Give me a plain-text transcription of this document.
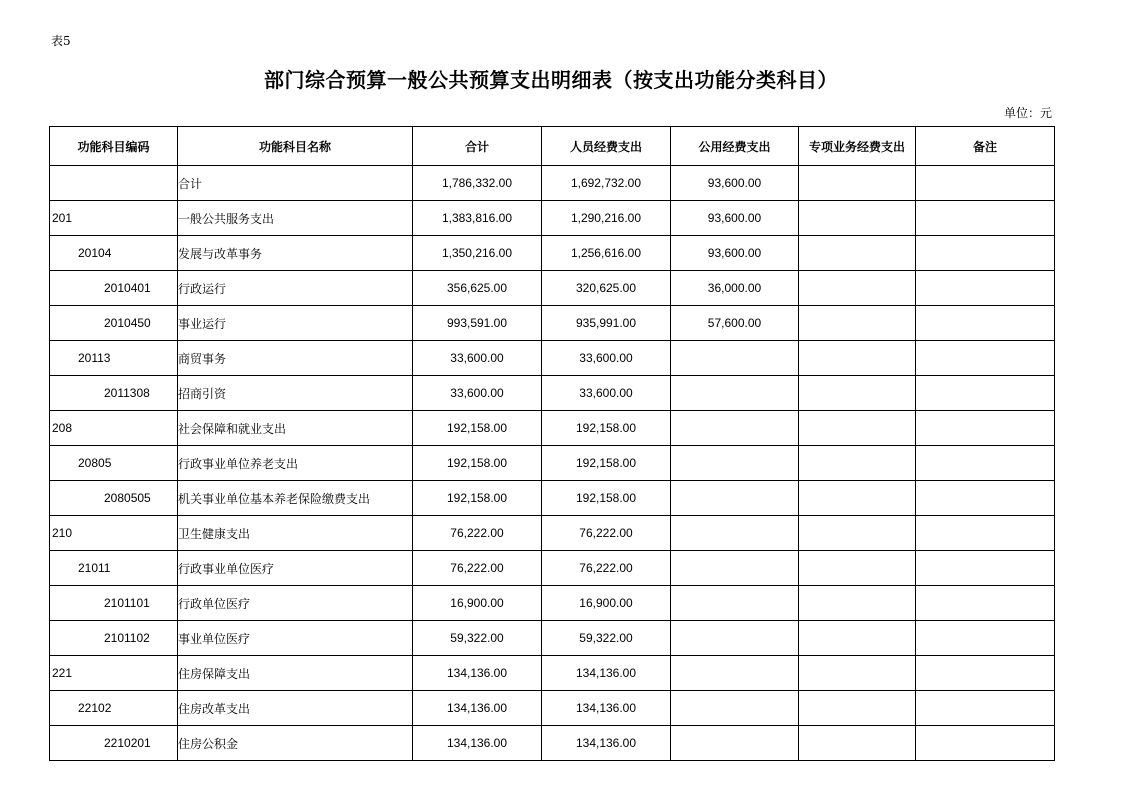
表5
部门综合预算一般公共预算支出明细表（按支出功能分类科目）
单位：元
功能科目编码	功能科目名称	合计	人员经费支出	公用经费支出	专项业务经费支出	备注
	合计	1,786,332.00	1,692,732.00	93,600.00		
201	一般公共服务支出	1,383,816.00	1,290,216.00	93,600.00		
20104	发展与改革事务	1,350,216.00	1,256,616.00	93,600.00		
2010401	行政运行	356,625.00	320,625.00	36,000.00		
2010450	事业运行	993,591.00	935,991.00	57,600.00		
20113	商贸事务	33,600.00	33,600.00			
2011308	招商引资	33,600.00	33,600.00			
208	社会保障和就业支出	192,158.00	192,158.00			
20805	行政事业单位养老支出	192,158.00	192,158.00			
2080505	机关事业单位基本养老保险缴费支出	192,158.00	192,158.00			
210	卫生健康支出	76,222.00	76,222.00			
21011	行政事业单位医疗	76,222.00	76,222.00			
2101101	行政单位医疗	16,900.00	16,900.00			
2101102	事业单位医疗	59,322.00	59,322.00			
221	住房保障支出	134,136.00	134,136.00			
22102	住房改革支出	134,136.00	134,136.00			
2210201	住房公积金	134,136.00	134,136.00			
